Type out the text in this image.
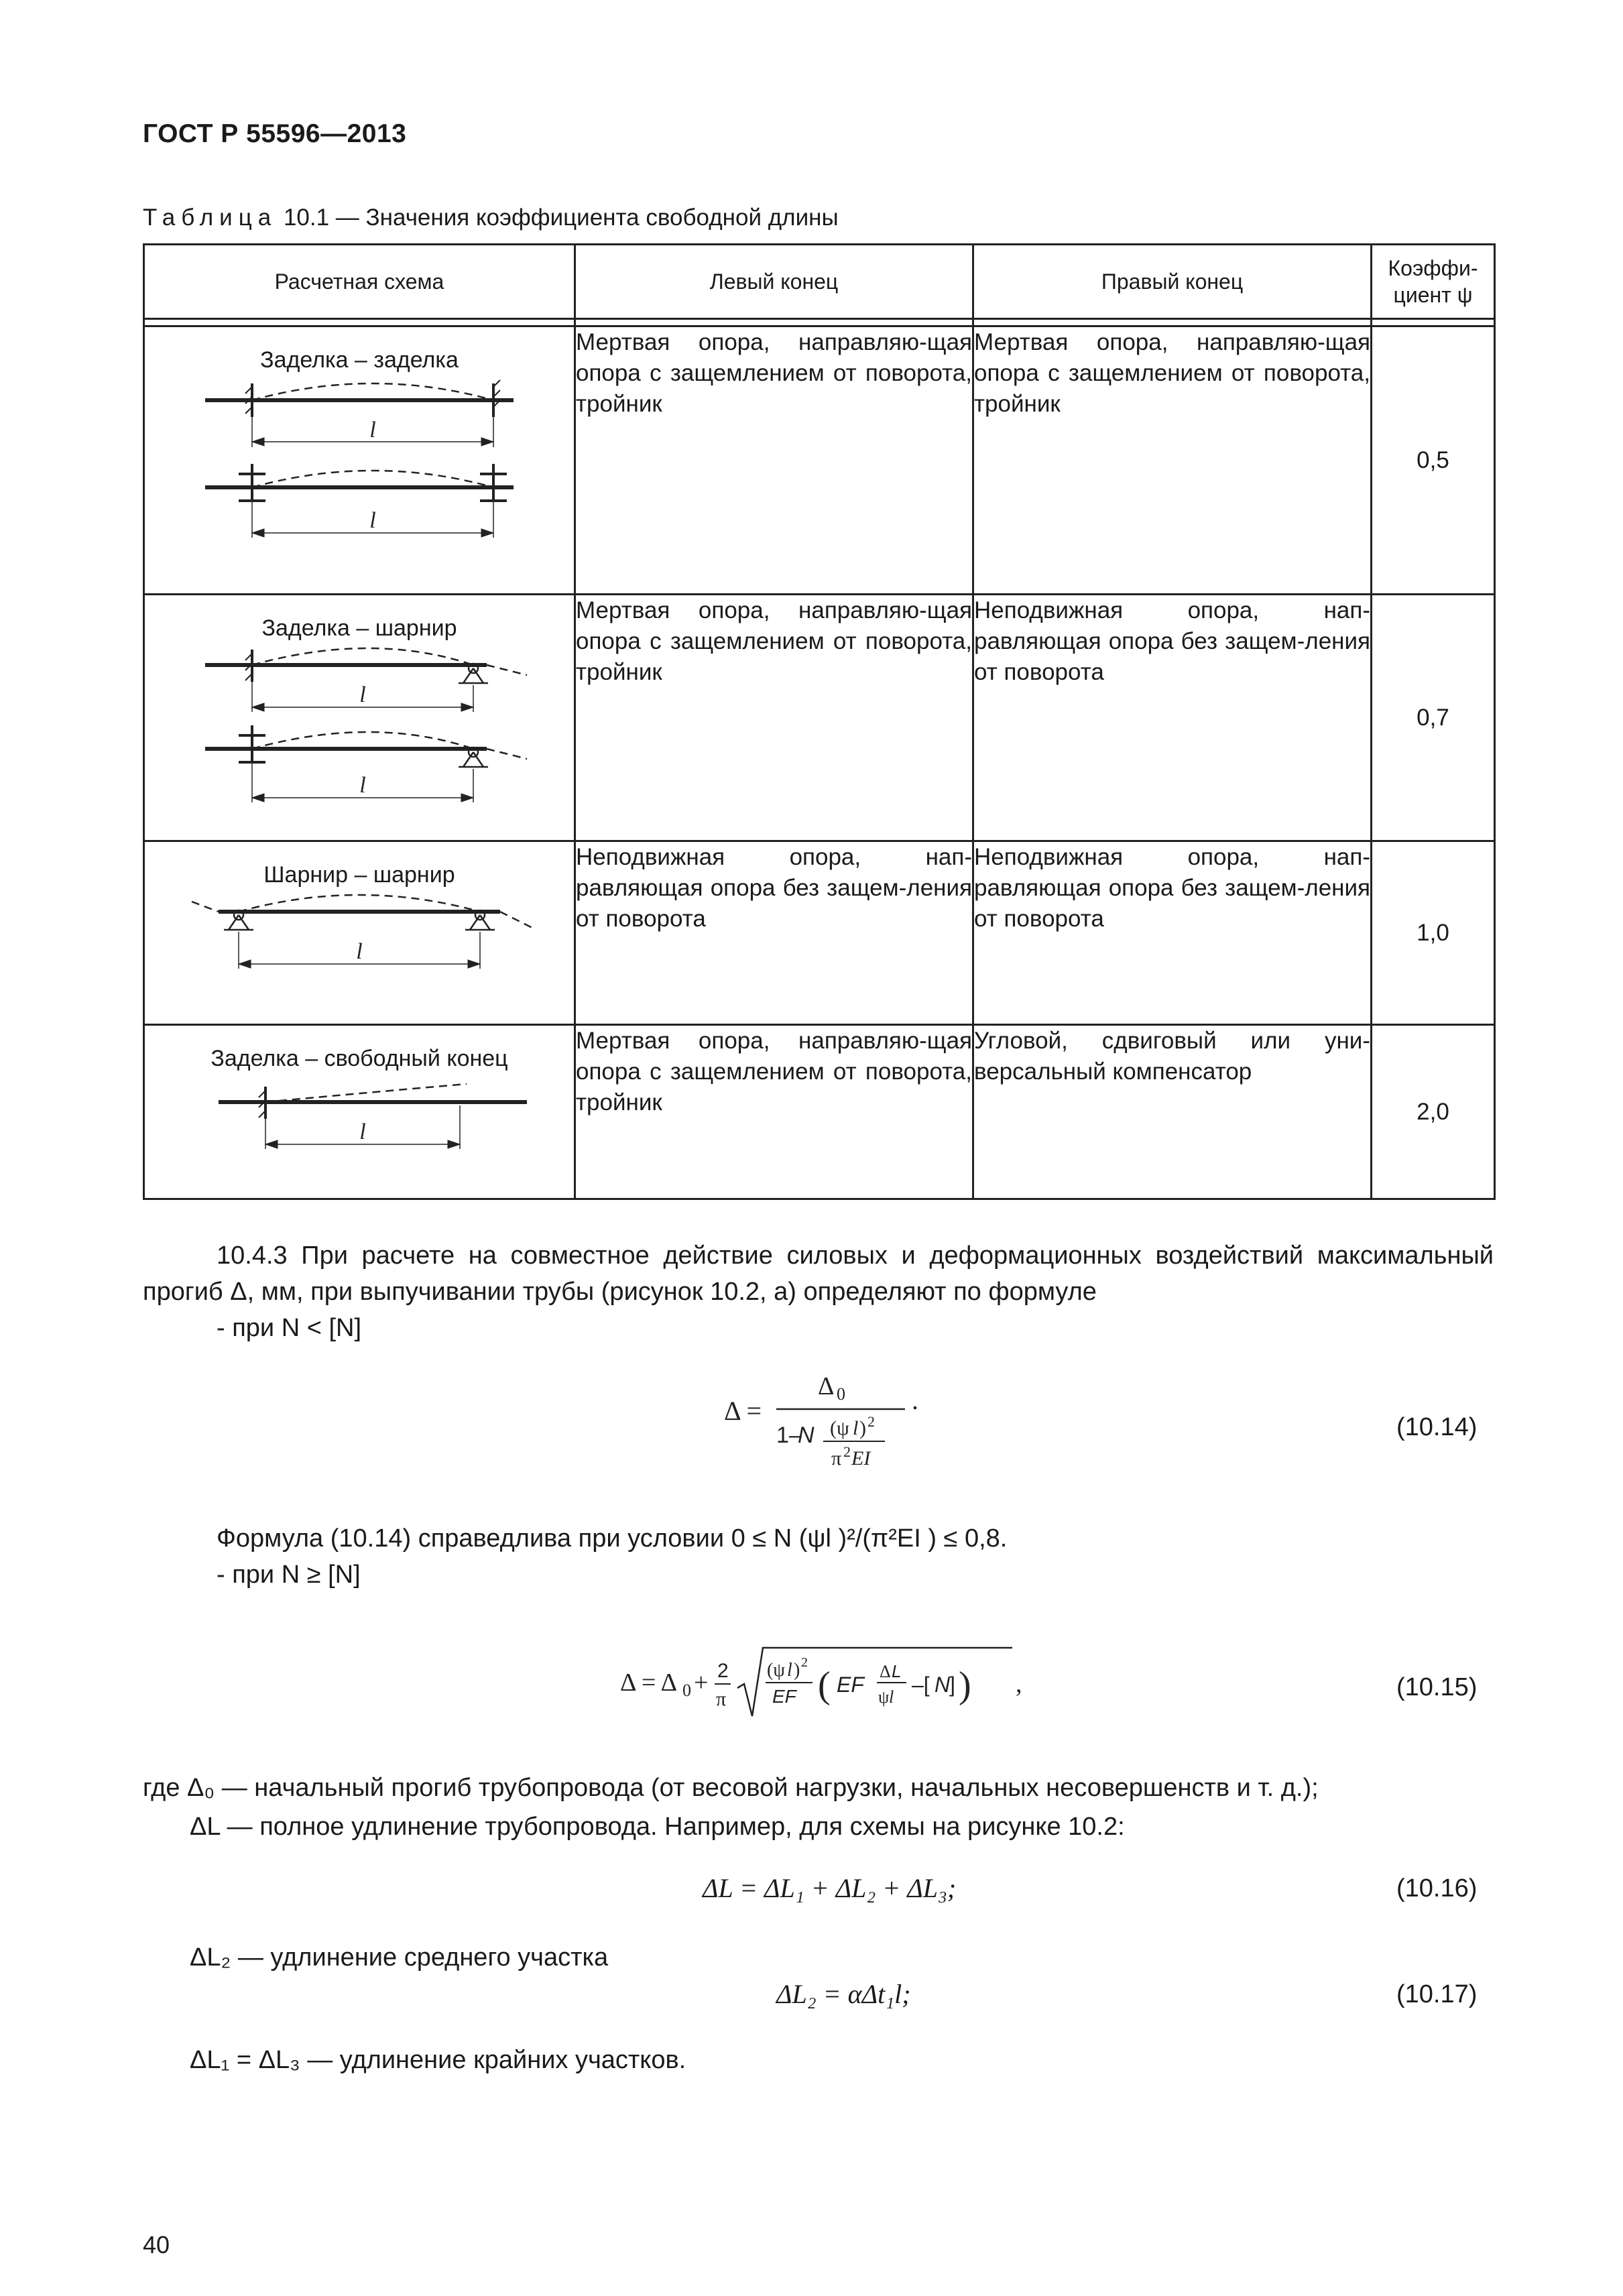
ГОСТ Р 55596—2013
Таблица 10.1 — Значения коэффициента свободной длины
Расчетная схема	Левый конец	Правый конец	Коэффи-
циент ψ

Заделка – заделка
l
l	Мертвая опора, направляю-щая опора с защемлением от поворота, тройник	Мертвая опора, направляю-щая опора с защемлением от поворота, тройник	0,5

Заделка – шарнир
l
l	Мертвая опора, направляю-щая опора с защемлением от поворота, тройник	Неподвижная опора, нап-равляющая опора без защем-ления от поворота	0,7

Шарнир – шарнир
l	Неподвижная опора, нап-равляющая опора без защем-ления от поворота	Неподвижная опора, нап-равляющая опора без защем-ления от поворота	1,0

Заделка – свободный конец
l	Мертвая опора, направляю-щая опора с защемлением от поворота, тройник	Угловой, сдвиговый или уни-версальный компенсатор	2,0
10.4.3 При расчете на совместное действие силовых и деформационных воздействий максимальный прогиб Δ, мм, при выпучивании трубы (рисунок 10.2, а) определяют по формуле
- при N < [N]
Δ =
Δ 0 .
1–
N (ψ l ) 2
π 2 EI
(10.14)
Формула (10.14) справедлива при условии 0 ≤ N (ψl )²/(π²EI ) ≤ 0,8.
- при N ≥ [N]
Δ = Δ 0 + 2
π
(ψ l ) 2
EF ( EF
Δ L
ψ l
–[ N
] ) ,	(10.15)
где Δ₀ — начальный прогиб трубопровода (от весовой нагрузки, начальных несовершенств и т. д.);
ΔL — полное удлинение трубопровода. Например, для схемы на рисунке 10.2:
ΔL = ΔL₁ + ΔL₂ + ΔL₃;	(10.16)
ΔL₂ — удлинение среднего участка
ΔL₂ = αΔt₁l;	(10.17)
ΔL₁ = ΔL₃ — удлинение крайних участков.
40
